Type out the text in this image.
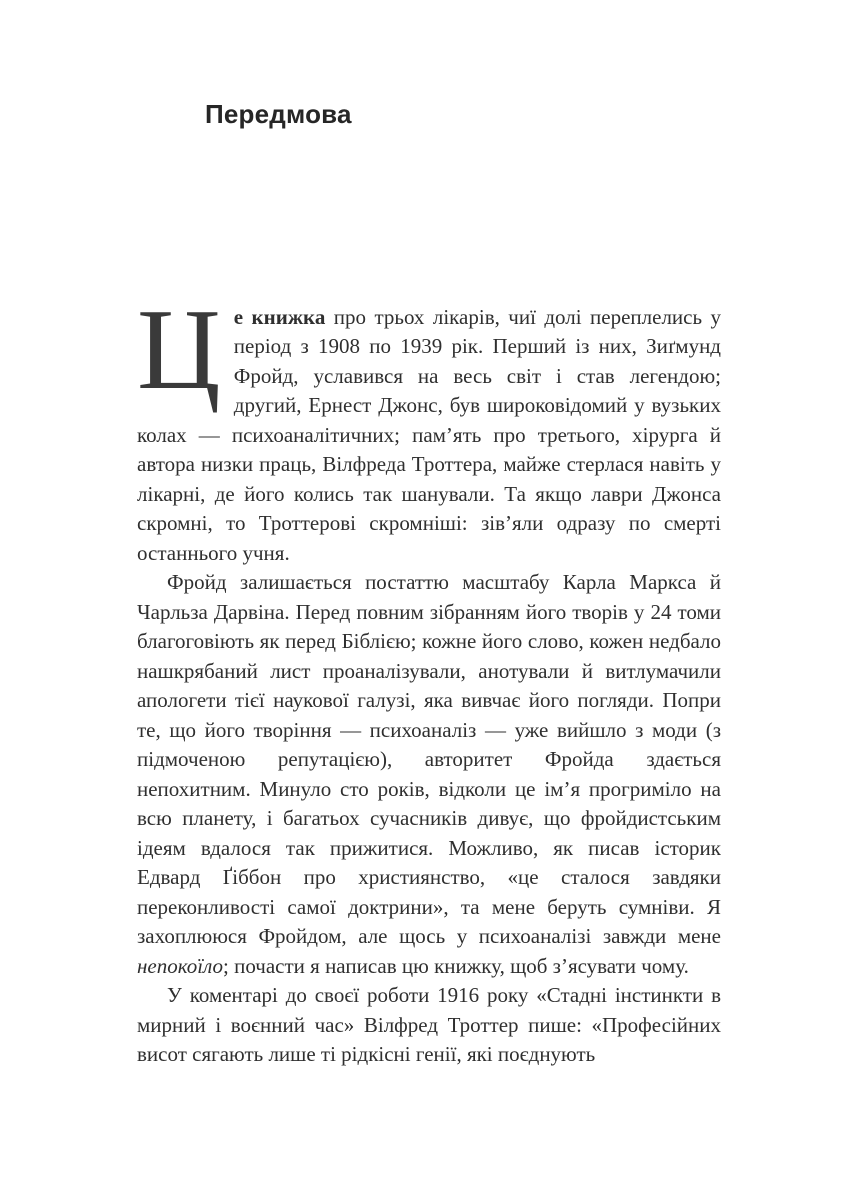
Передмова

Це книжка про трьох лікарів, чиї долі переплелись у період з 1908 по 1939 рік. Перший із них, Зиґмунд Фройд, уславився на весь світ і став легендою; другий, Ернест Джонс, був широковідомий у вузьких колах — психоаналітичних; пам’ять про третього, хірурга й автора низки праць, Вілфреда Троттера, майже стерлася навіть у лікарні, де його колись так шанували. Та якщо лаври Джонса скромні, то Троттерові скромніші: зів’яли одразу по смерті останнього учня.

Фройд залишається постаттю масштабу Карла Маркса й Чарльза Дарвіна. Перед повним зібранням його творів у 24 томи благоговіють як перед Біблією; кожне його слово, кожен недбало нашкрябаний лист проаналізували, анотували й витлумачили апологети тієї наукової галузі, яка вивчає його погляди. Попри те, що його творіння — психоаналіз — уже вийшло з моди (з підмоченою репутацією), авторитет Фройда здається непохитним. Минуло сто років, відколи це ім’я прогриміло на всю планету, і багатьох сучасників дивує, що фройдистським ідеям вдалося так прижитися. Можливо, як писав історик Едвард Ґіббон про християнство, «це сталося завдяки переконливості самої доктрини», та мене беруть сумніви. Я захоплююся Фройдом, але щось у психоаналізі завжди мене непокоїло; почасти я написав цю книжку, щоб з’ясувати чому.

У коментарі до своєї роботи 1916 року «Стадні інстинкти в мирний і воєнний час» Вілфред Троттер пише: «Професійних висот сягають лише ті рідкісні генії, які поєднують
